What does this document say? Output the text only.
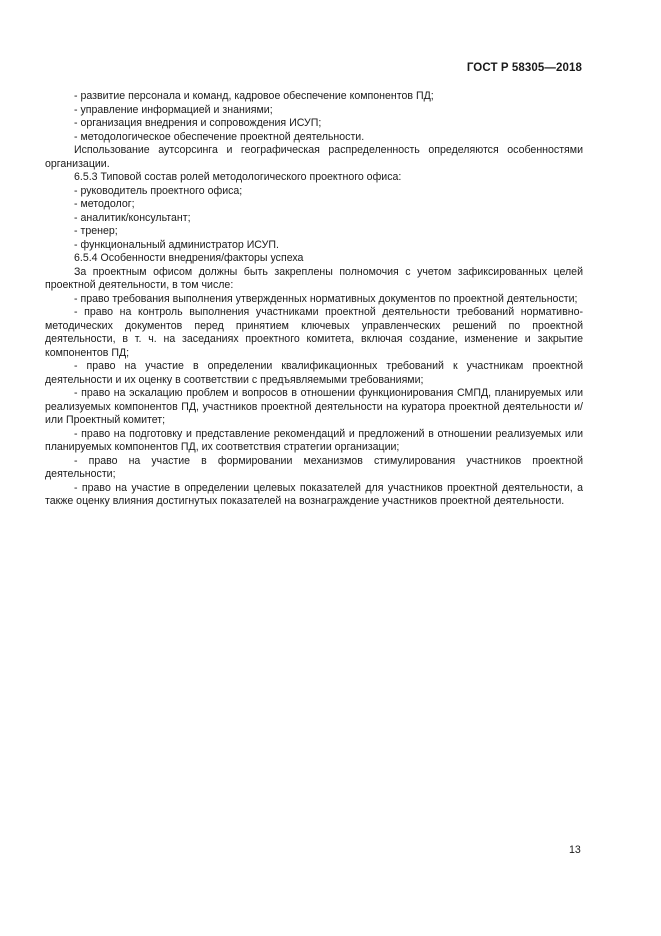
ГОСТ Р 58305—2018
- развитие персонала и команд, кадровое обеспечение компонентов ПД;
- управление информацией и знаниями;
- организация внедрения и сопровождения ИСУП;
- методологическое обеспечение проектной деятельности.

Использование аутсорсинга и географическая распределенность определяются особенностями организации.

6.5.3 Типовой состав ролей методологического проектного офиса:
- руководитель проектного офиса;
- методолог;
- аналитик/консультант;
- тренер;
- функциональный администратор ИСУП.
6.5.4 Особенности внедрения/факторы успеха

За проектным офисом должны быть закреплены полномочия с учетом зафиксированных целей проектной деятельности, в том числе:

- право требования выполнения утвержденных нормативных документов по проектной деятельности;

- право на контроль выполнения участниками проектной деятельности требований нормативно-методических документов перед принятием ключевых управленческих решений по проектной деятельности, в т. ч. на заседаниях проектного комитета, включая создание, изменение и закрытие компонентов ПД;

- право на участие в определении квалификационных требований к участникам проектной деятельности и их оценку в соответствии с предъявляемыми требованиями;

- право на эскалацию проблем и вопросов в отношении функционирования СМПД, планируемых или реализуемых компонентов ПД, участников проектной деятельности на куратора проектной деятельности и/или Проектный комитет;

- право на подготовку и представление рекомендаций и предложений в отношении реализуемых или планируемых компонентов ПД, их соответствия стратегии организации;

- право на участие в формировании механизмов стимулирования участников проектной деятельности;

- право на участие в определении целевых показателей для участников проектной деятельности, а также оценку влияния достигнутых показателей на вознаграждение участников проектной деятельности.

13
